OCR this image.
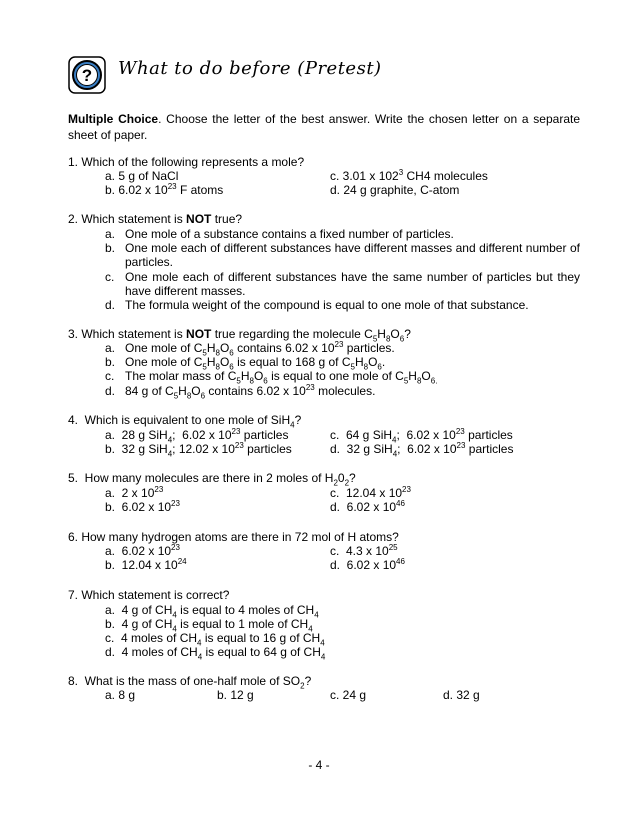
? What to do before (Pretest)
Multiple Choice. Choose the letter of the best answer. Write the chosen letter on a separate sheet of paper.
1. Which of the following represents a mole?
a. 5 g of NaCl	c. 3.01 x $102^3$ CH4 molecules
b. 6.02 x $10^{23}$ F atoms	d. 24 g graphite, C-atom
2. Which statement is NOT true?
a. One mole of a substance contains a fixed number of particles.
b. One mole each of different substances have different masses and different number of particles.
c. One mole each of different substances have the same number of particles but they have different masses.
d. The formula weight of the compound is equal to one mole of that substance.
3. Which statement is NOT true regarding the molecule $C_5H_8O_6$?
a. One mole of $C_5H_8O_6$ contains 6.02 x $10^{23}$ particles.
b. One mole of $C_5H_8O_6$ is equal to 168 g of $C_5H_8O_6$.
c. The molar mass of $C_5H_8O_6$ is equal to one mole of $C_5H_8O_{6.}$
d. 84 g of $C_5H_8O_6$ contains 6.02 x $10^{23}$ molecules.
4.  Which is equivalent to one mole of SiH$_4$?
a.  28 g SiH$_4$;  6.02 x $10^{23}$ particles	c.  64 g SiH$_4$;  6.02 x $10^{23}$ particles
b.  32 g SiH$_4$; 12.02 x $10^{23}$ particles	d.  32 g SiH$_4$;  6.02 x $10^{23}$ particles
5.  How many molecules are there in 2 moles of $H_20_2$?
a.  2 x $10^{23}$	c.  12.04 x $10^{23}$
b.  6.02 x $10^{23}$	d.  6.02 x $10^{46}$
6. How many hydrogen atoms are there in 72 mol of H atoms?
a.  6.02 x $10^{23}$	c.  4.3 x $10^{25}$
b.  12.04 x $10^{24}$	d.  6.02 x $10^{46}$
7. Which statement is correct?
a.  4 g of $CH_4$ is equal to 4 moles of $CH_4$
b.  4 g of $CH_4$ is equal to 1 mole of $CH_4$
c.  4 moles of $CH_4$ is equal to 16 g of $CH_4$
d.  4 moles of $CH_4$ is equal to 64 g of $CH_4$
8.  What is the mass of one-half mole of $SO_2$?
a. 8 g	b. 12 g	c. 24 g	d. 32 g
- 4 -
